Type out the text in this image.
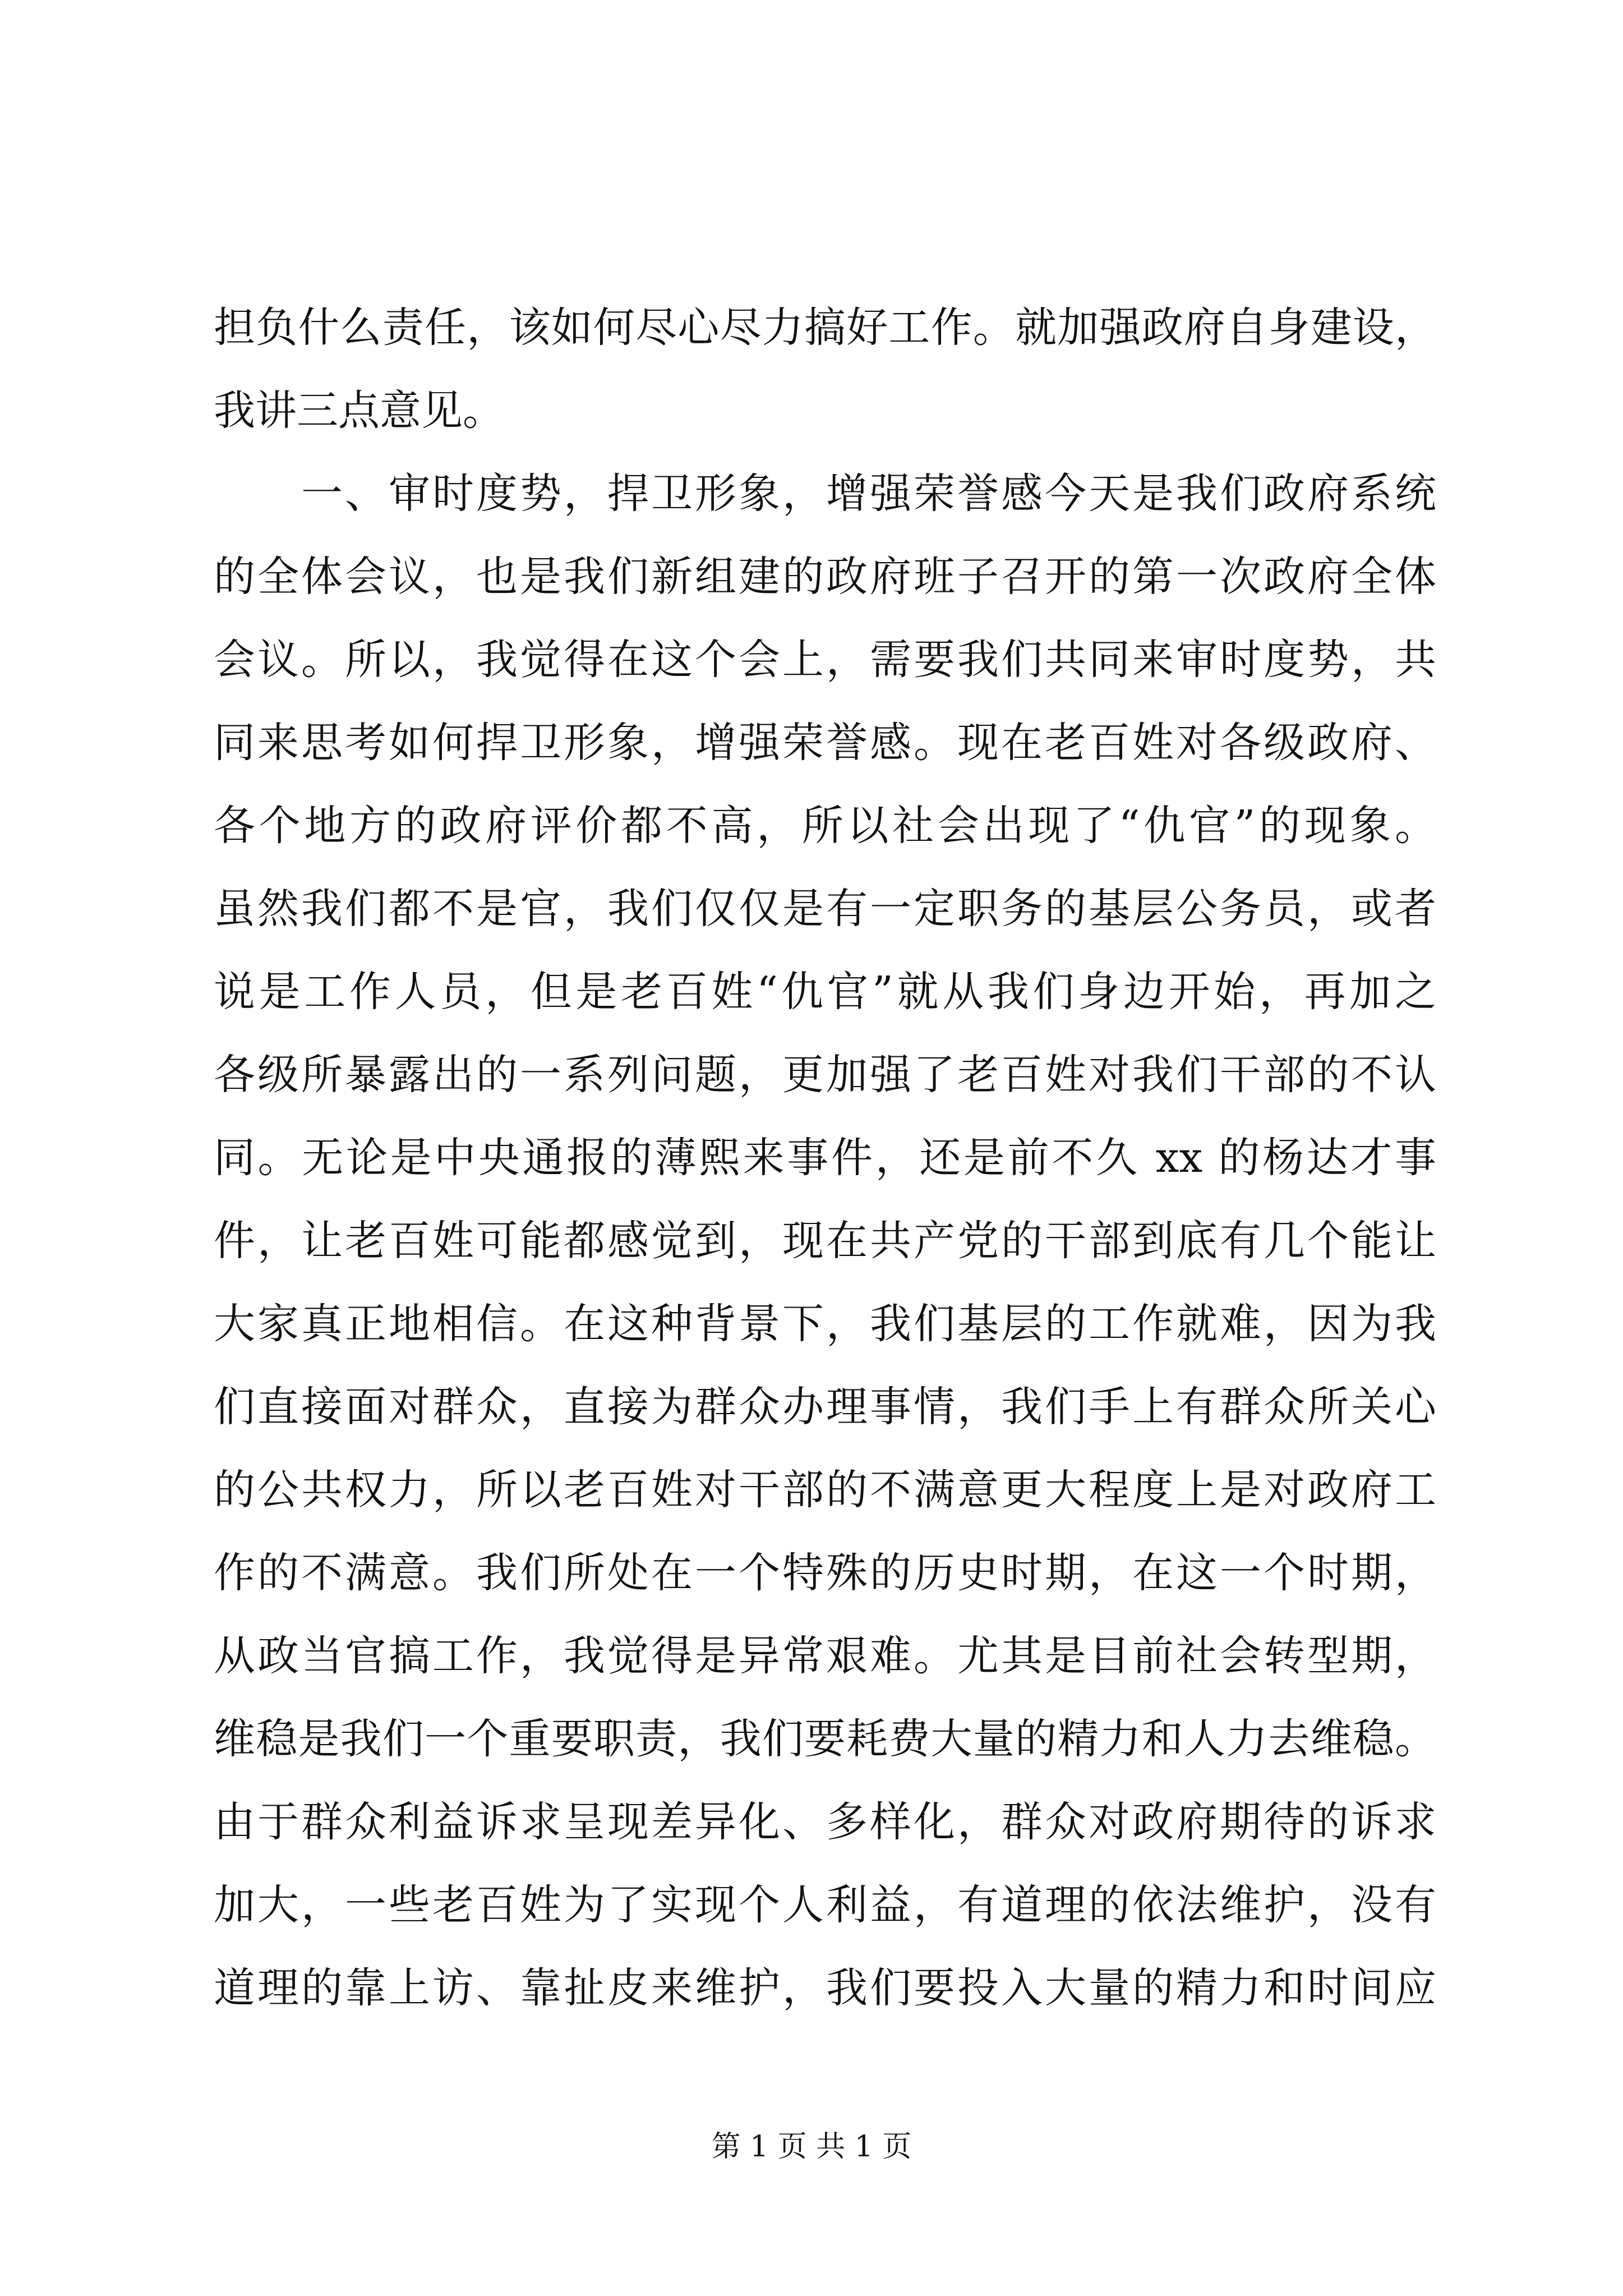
担负什么责任，该如何尽心尽力搞好工作。就加强政府自身建设，
我讲三点意见。
一、审时度势，捍卫形象，增强荣誉感今天是我们政府系统
的全体会议，也是我们新组建的政府班子召开的第一次政府全体
会议。所以，我觉得在这个会上，需要我们共同来审时度势，共
同来思考如何捍卫形象，增强荣誉感。现在老百姓对各级政府、
各个地方的政府评价都不高，所以社会出现了“仇官”的现象。
虽然我们都不是官，我们仅仅是有一定职务的基层公务员，或者
说是工作人员，但是老百姓“仇官”就从我们身边开始，再加之
各级所暴露出的一系列问题，更加强了老百姓对我们干部的不认
同。无论是中央通报的薄熙来事件，还是前不久 xx 的杨达才事
件，让老百姓可能都感觉到，现在共产党的干部到底有几个能让
大家真正地相信。在这种背景下，我们基层的工作就难，因为我
们直接面对群众，直接为群众办理事情，我们手上有群众所关心
的公共权力，所以老百姓对干部的不满意更大程度上是对政府工
作的不满意。我们所处在一个特殊的历史时期，在这一个时期，
从政当官搞工作，我觉得是异常艰难。尤其是目前社会转型期，
维稳是我们一个重要职责，我们要耗费大量的精力和人力去维稳。
由于群众利益诉求呈现差异化、多样化，群众对政府期待的诉求
加大，一些老百姓为了实现个人利益，有道理的依法维护，没有
道理的靠上访、靠扯皮来维护，我们要投入大量的精力和时间应
第 1 页 共 1 页
